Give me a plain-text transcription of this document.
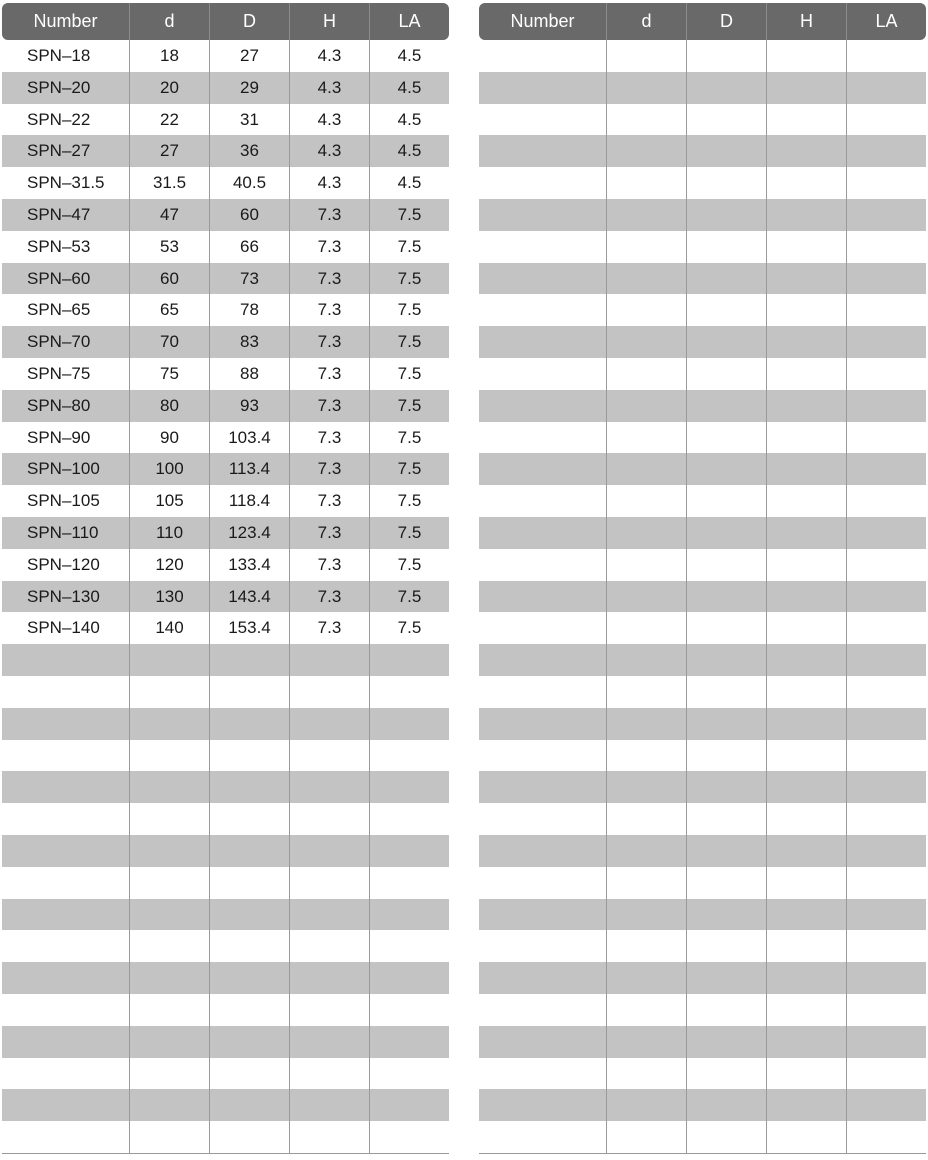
Number	d	D	H	LA
SPN–18	18	27	4.3	4.5
SPN–20	20	29	4.3	4.5
SPN–22	22	31	4.3	4.5
SPN–27	27	36	4.3	4.5
SPN–31.5	31.5	40.5	4.3	4.5
SPN–47	47	60	7.3	7.5
SPN–53	53	66	7.3	7.5
SPN–60	60	73	7.3	7.5
SPN–65	65	78	7.3	7.5
SPN–70	70	83	7.3	7.5
SPN–75	75	88	7.3	7.5
SPN–80	80	93	7.3	7.5
SPN–90	90	103.4	7.3	7.5
SPN–100	100	113.4	7.3	7.5
SPN–105	105	118.4	7.3	7.5
SPN–110	110	123.4	7.3	7.5
SPN–120	120	133.4	7.3	7.5
SPN–130	130	143.4	7.3	7.5
SPN–140	140	153.4	7.3	7.5
Number	d	D	H	LA
